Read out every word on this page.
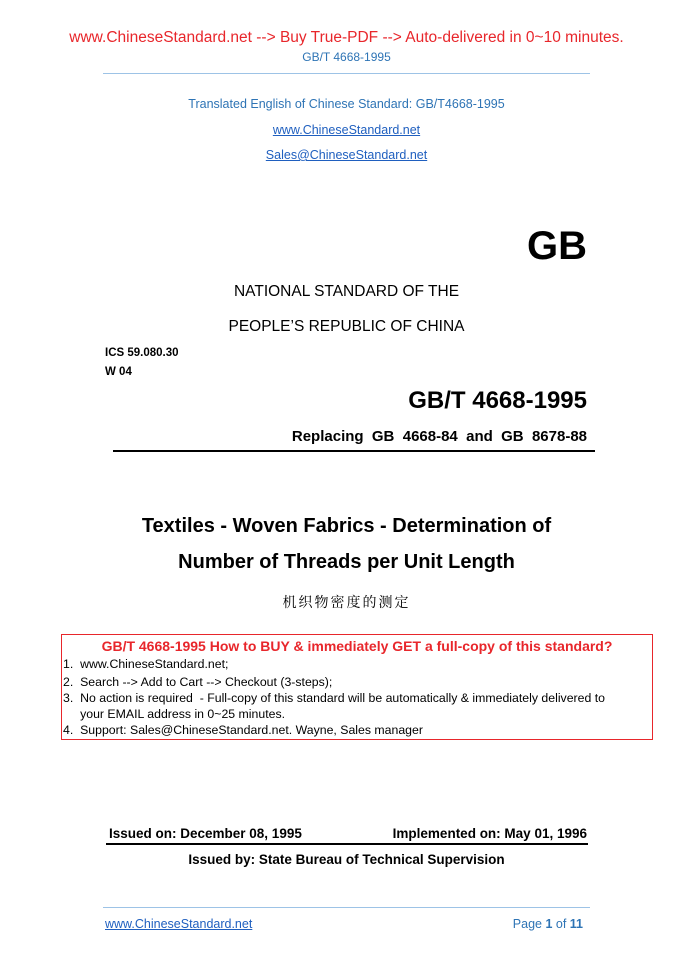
www.ChineseStandard.net --> Buy True-PDF --> Auto-delivered in 0~10 minutes.
GB/T 4668-1995
Translated English of Chinese Standard: GB/T4668-1995
www.ChineseStandard.net
Sales@ChineseStandard.net
GB
NATIONAL STANDARD OF THE
PEOPLE’S REPUBLIC OF CHINA
ICS 59.080.30
W 04
GB/T 4668-1995
Replacing  GB  4668-84  and  GB  8678-88
Textiles - Woven Fabrics - Determination of
Number of Threads per Unit Length
机织物密度的测定
GB/T 4668-1995 How to BUY & immediately GET a full-copy of this standard?
1.  www.ChineseStandard.net;
2.  Search --> Add to Cart --> Checkout (3-steps);
3.  No action is required  - Full-copy of this standard will be automatically & immediately delivered to
your EMAIL address in 0~25 minutes.
4.  Support: Sales@ChineseStandard.net. Wayne, Sales manager
Issued on: December 08, 1995	Implemented on: May 01, 1996
Issued by: State Bureau of Technical Supervision
www.ChineseStandard.net	Page 1 of 11
